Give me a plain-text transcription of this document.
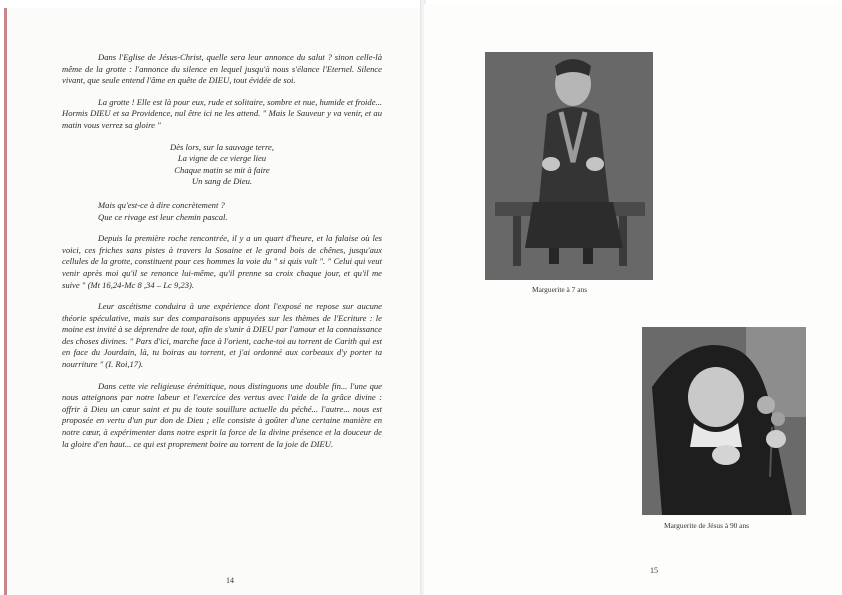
Dans l'Eglise de Jésus-Christ, quelle sera leur annonce du salut ? sinon celle-là même de la grotte : l'annonce du silence en lequel jusqu'à nous s'élance l'Eternel. Silence vivant, que seule entend l'âme en quête de DIEU, tout évidée de soi.

La grotte ! Elle est là pour eux, rude et solitaire, sombre et nue, humide et froide... Hormis DIEU et sa Providence, nul être ici ne les attend. " Mais le Sauveur y va venir, et au matin vous verrez sa gloire "

Dès lors, sur la sauvage terre,
La vigne de ce vierge lieu
Chaque matin se mit à faire
Un sang de Dieu.

Mais qu'est-ce à dire concrètement ?

Que ce rivage est leur chemin pascal.

Depuis la première roche rencontrée, il y a un quart d'heure, et la falaise où les voici, ces friches sans pistes à travers la Sosaine et le grand bois de chênes, jusqu'aux cellules de la grotte, constituent pour ces hommes la voie du " si quis vult ". " Celui qui veut venir après moi qu'il se renonce lui-même, qu'il prenne sa croix chaque jour, et qu'il me suive " (Mt 16,24-Mc 8 ,34 – Lc 9,23).

Leur ascétisme conduira à une expérience dont l'exposé ne repose sur aucune théorie spéculative, mais sur des comparaisons appuyées sur les thèmes de l'Ecriture : le moine est invité à se déprendre de tout, afin de s'unir à DIEU par l'amour et la connaissance des choses divines. " Pars d'ici, marche face à l'orient, cache-toi au torrent de Carith qui est en face du Jourdain, là, tu boiras au torrent, et j'ai ordonné aux corbeaux d'y porter ta nourriture " (I. Roi,17).

Dans cette vie religieuse érémitique, nous distinguons une double fin... l'une que nous atteignons par notre labeur et l'exercice des vertus avec l'aide de la grâce divine : offrir à Dieu un cœur saint et pu de toute souillure actuelle du péché... l'autre... nous est proposée en vertu d'un pur don de Dieu ; elle consiste à goûter d'une certaine manière en notre cœur, à expérimenter dans notre esprit la force de la divine présence et la douceur de la gloire d'en haut... ce qui est proprement boire au torrent de la joie de DIEU.

14
Marguerite à 7 ans
Marguerite de Jésus à 90 ans
15
